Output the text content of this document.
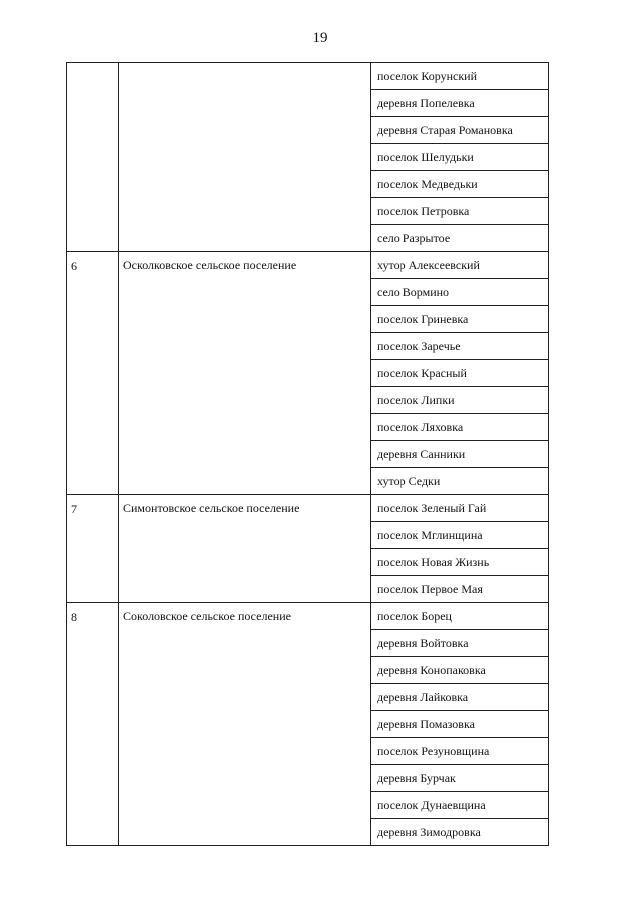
19

		поселок Корунский

		деревня Попелевка

		деревня Старая Романовка

		поселок Шелудьки

		поселок Медведьки

		поселок Петровка

		село Разрытое

6	Осколковское сельское поселение	хутор Алексеевский

		село Вормино

		поселок Гриневка

		поселок Заречье

		поселок Красный

		поселок Липки

		поселок Ляховка

		деревня Санники

		хутор Седки

7	Симонтовское сельское поселение	поселок Зеленый Гай

		поселок Мглинщина

		поселок Новая Жизнь

		поселок Первое Мая

8	Соколовское сельское поселение	поселок Борец

		деревня Войтовка

		деревня Конопаковка

		деревня Лайковка

		деревня Помазовка

		поселок Резуновщина

		деревня Бурчак

		поселок Дунаевщина

		деревня Зимодровка
